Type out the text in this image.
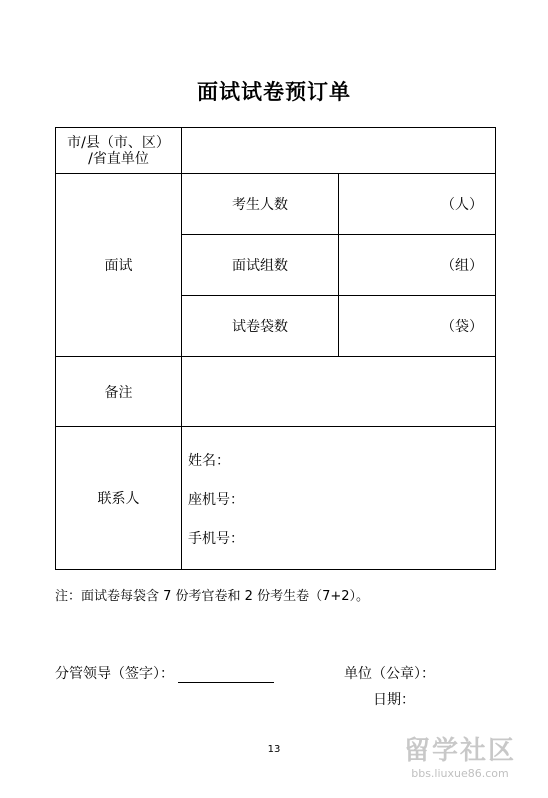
面试试卷预订单
市/县（市、区）
/省直单位		

面试	考生人数	（人）
	面试组数	（组）
	试卷袋数	（袋）
备注		
联系人	姓名：
座机号：
手机号：	
注：面试卷每袋含 7 份考官卷和 2 份考生卷（7+2）。
分管领导（签字）：	单位（公章）：
日期：
13	留学社区
bbs.liuxue86.com
